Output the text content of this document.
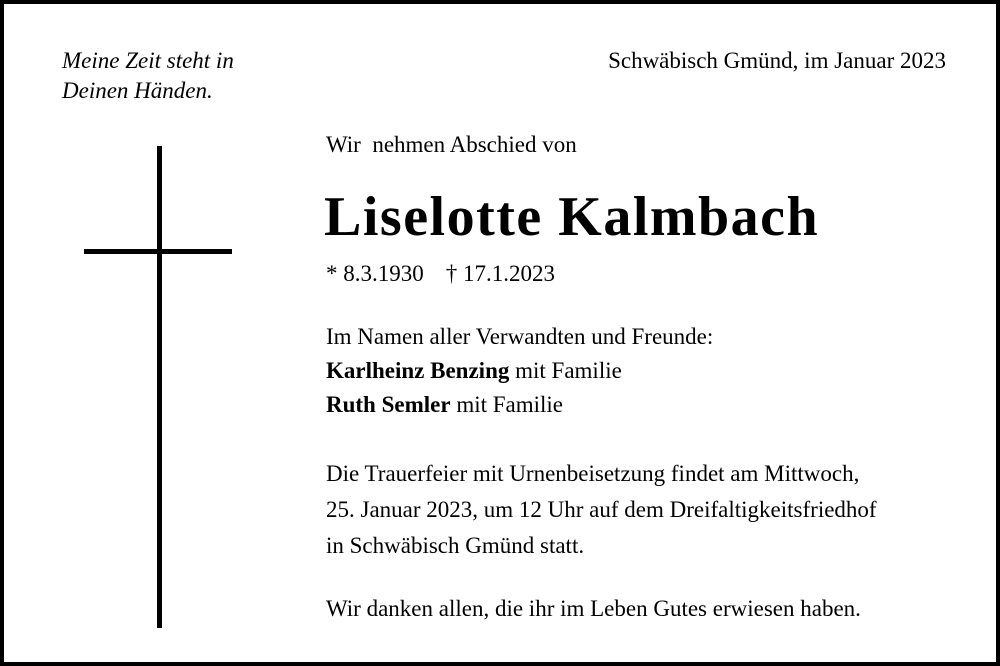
Meine Zeit steht in
Deinen Händen.

Schwäbisch Gmünd, im Januar 2023

Wir  nehmen Abschied von

Liselotte Kalmbach

* 8.3.1930 † 17.1.2023

Im Namen aller Verwandten und Freunde:
Karlheinz Benzing mit Familie
Ruth Semler mit Familie
Die Trauerfeier mit Urnenbeisetzung findet am Mittwoch,
25. Januar 2023, um 12 Uhr auf dem Dreifaltigkeitsfriedhof
in Schwäbisch Gmünd statt.

Wir danken allen, die ihr im Leben Gutes erwiesen haben.
